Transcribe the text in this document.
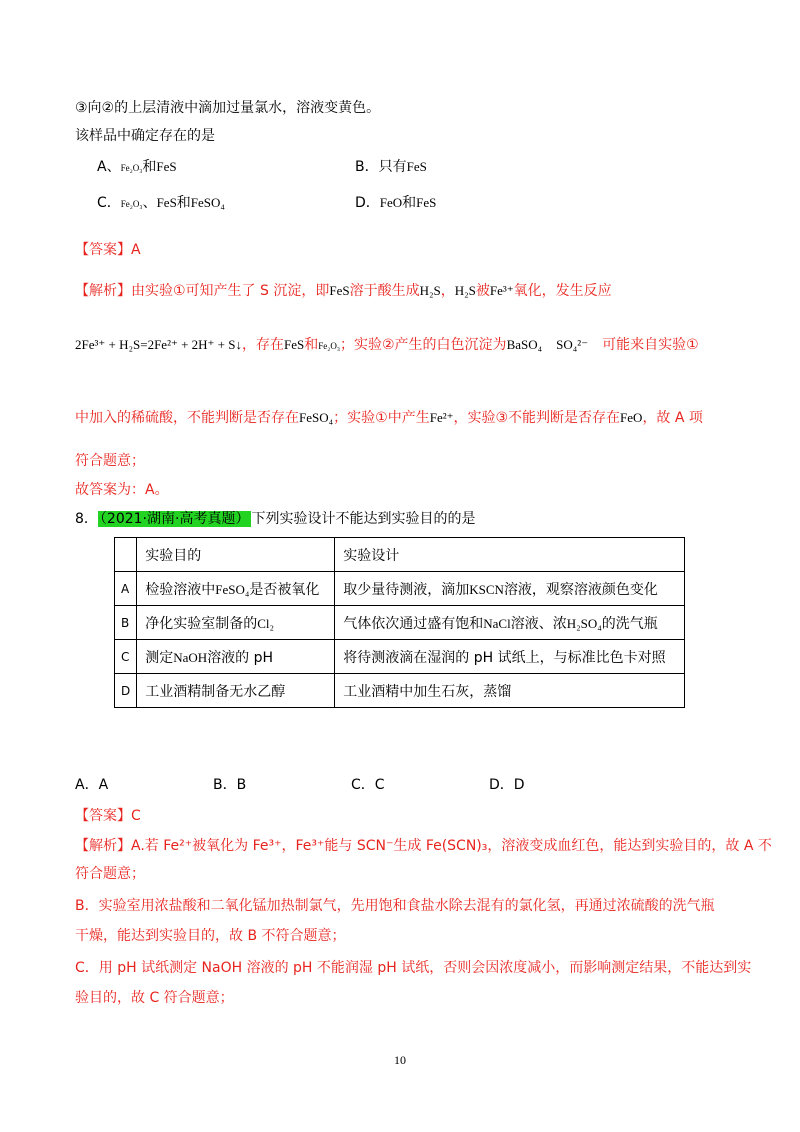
③向②的上层清液中滴加过量氯水，溶液变黄色。
该样品中确定存在的是
A、Fe₂O₃和FeS	B．只有FeS
C．Fe₂O₃、FeS和FeSO₄	D．FeO和FeS
【答案】A
【解析】由实验①可知产生了 S 沉淀，即FeS溶于酸生成H₂S，H₂S被Fe³⁺氧化，发生反应
2Fe³⁺ + H₂S=2Fe²⁺ + 2H⁺ + S↓，存在FeS和Fe₂O₃；实验②产生的白色沉淀为BaSO₄ SO₄²⁻ 可能来自实验①
中加入的稀硫酸，不能判断是否存在FeSO₄；实验①中产生Fe²⁺，实验③不能判断是否存在FeO，故 A 项
符合题意；
故答案为：A。
8． （2021·湖南·高考真题） 下列实验设计不能达到实验目的的是
	实验目的	实验设计
A	检验溶液中FeSO₄是否被氧化	取少量待测液，滴加KSCN溶液，观察溶液颜色变化
B	净化实验室制备的Cl₂	气体依次通过盛有饱和NaCl溶液、浓H₂SO₄的洗气瓶
C	测定NaOH溶液的 pH	将待测液滴在湿润的 pH 试纸上，与标准比色卡对照
D	工业酒精制备无水乙醇	工业酒精中加生石灰，蒸馏
A．A	B．B	C．C	D．D
【答案】C
【解析】A.若 Fe²⁺被氧化为 Fe³⁺，Fe³⁺能与 SCN⁻生成 Fe(SCN)₃，溶液变成血红色，能达到实验目的，故 A 不
符合题意；
B．实验室用浓盐酸和二氧化锰加热制氯气，先用饱和食盐水除去混有的氯化氢，再通过浓硫酸的洗气瓶
干燥，能达到实验目的，故 B 不符合题意；
C．用 pH 试纸测定 NaOH 溶液的 pH 不能润湿 pH 试纸，否则会因浓度减小，而影响测定结果，不能达到实
验目的，故 C 符合题意；
10
